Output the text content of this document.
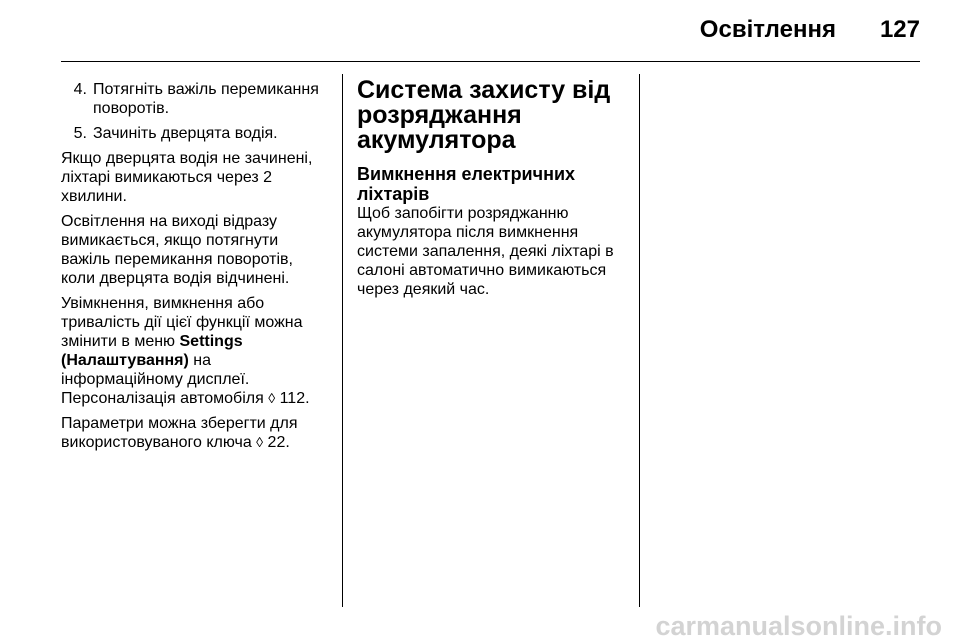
Освітлення 127
4. Потягніть важіль перемикання поворотів.
5. Зачиніть дверцята водія.

Якщо дверцята водія не зачинені, ліхтарі вимикаються через 2 хвилини.

Освітлення на виході відразу вимикається, якщо потягнути важіль перемикання поворотів, коли дверцята водія відчинені.

Увімкнення, вимкнення або тривалість дії цієї функції можна змінити в меню Settings
(Налаштування) на інформаційному дисплеї. Персоналізація автомобіля ◊ 112.

Параметри можна зберегти для використовуваного ключа ◊ 22.

Система захисту від розряджання акумулятора
Вимкнення електричних ліхтарів

Щоб запобігти розряджанню акумулятора після вимкнення системи запалення, деякі ліхтарі в салоні автоматично вимикаються через деякий час.

carmanualsonline.info
